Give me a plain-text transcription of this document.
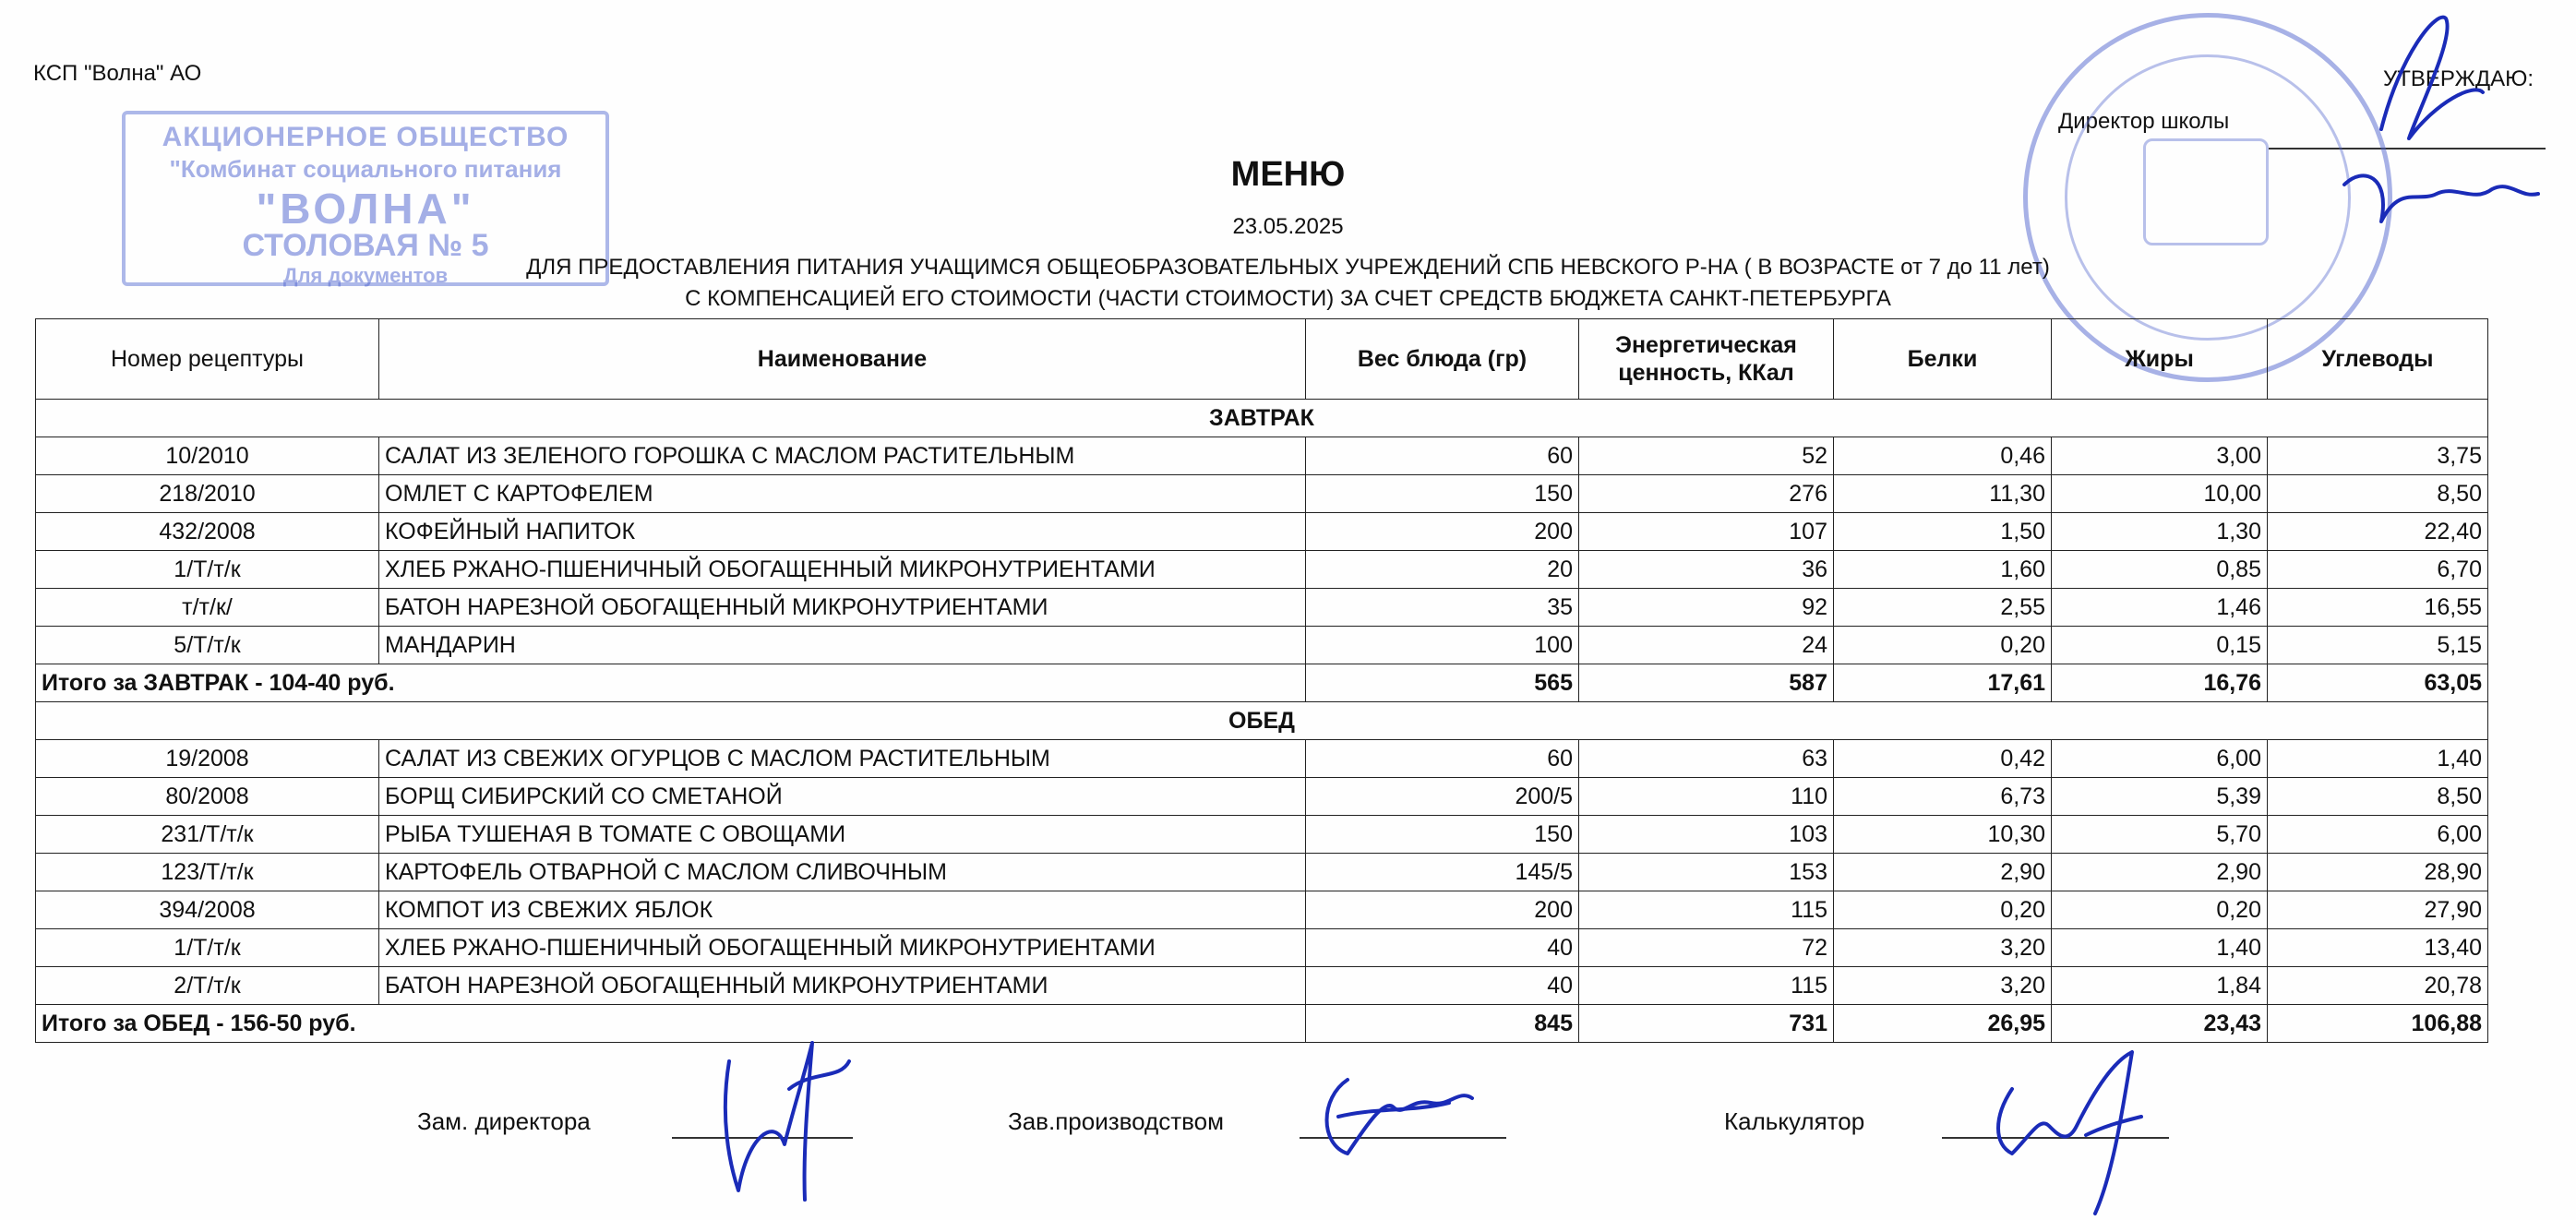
КСП "Волна" АО	УТВЕРЖДАЮ:
Директор школы
АКЦИОНЕРНОЕ ОБЩЕСТВО
"Комбинат социального питания
"ВОЛНА"
СТОЛОВАЯ № 5
Для документов
МЕНЮ
23.05.2025
ДЛЯ ПРЕДОСТАВЛЕНИЯ ПИТАНИЯ УЧАЩИМСЯ ОБЩЕОБРАЗОВАТЕЛЬНЫХ УЧРЕЖДЕНИЙ СПБ НЕВСКОГО Р-НА ( В ВОЗРАСТЕ от 7 до 11 лет)
С КОМПЕНСАЦИЕЙ ЕГО СТОИМОСТИ (ЧАСТИ СТОИМОСТИ) ЗА СЧЕТ СРЕДСТВ БЮДЖЕТА САНКТ-ПЕТЕРБУРГА
Номер рецептуры	Наименование	Вес блюда (гр)	Энергетическая ценность, ККал	Белки	Жиры	Углеводы
ЗАВТРАК						
10/2010	САЛАТ ИЗ ЗЕЛЕНОГО ГОРОШКА С МАСЛОМ РАСТИТЕЛЬНЫМ	60	52	0,46	3,00	3,75
218/2010	ОМЛЕТ С КАРТОФЕЛЕМ	150	276	11,30	10,00	8,50
432/2008	КОФЕЙНЫЙ НАПИТОК	200	107	1,50	1,30	22,40
1/Т/т/к	ХЛЕБ РЖАНО-ПШЕНИЧНЫЙ ОБОГАЩЕННЫЙ МИКРОНУТРИЕНТАМИ	20	36	1,60	0,85	6,70
т/т/к/	БАТОН НАРЕЗНОЙ ОБОГАЩЕННЫЙ МИКРОНУТРИЕНТАМИ	35	92	2,55	1,46	16,55
5/Т/т/к	МАНДАРИН	100	24	0,20	0,15	5,15
Итого за ЗАВТРАК - 104-40 руб.		565	587	17,61	16,76	63,05
ОБЕД						
19/2008	САЛАТ ИЗ СВЕЖИХ ОГУРЦОВ С МАСЛОМ РАСТИТЕЛЬНЫМ	60	63	0,42	6,00	1,40
80/2008	БОРЩ СИБИРСКИЙ СО СМЕТАНОЙ	200/5	110	6,73	5,39	8,50
231/Т/т/к	РЫБА ТУШЕНАЯ В ТОМАТЕ С ОВОЩАМИ	150	103	10,30	5,70	6,00
123/Т/т/к	КАРТОФЕЛЬ ОТВАРНОЙ С МАСЛОМ СЛИВОЧНЫМ	145/5	153	2,90	2,90	28,90
394/2008	КОМПОТ ИЗ СВЕЖИХ ЯБЛОК	200	115	0,20	0,20	27,90
1/Т/т/к	ХЛЕБ РЖАНО-ПШЕНИЧНЫЙ ОБОГАЩЕННЫЙ МИКРОНУТРИЕНТАМИ	40	72	3,20	1,40	13,40
2/Т/т/к	БАТОН НАРЕЗНОЙ ОБОГАЩЕННЫЙ МИКРОНУТРИЕНТАМИ	40	115	3,20	1,84	20,78
Итого за ОБЕД - 156-50 руб.		845	731	26,95	23,43	106,88
Зам. директора	Зав.производством	Калькулятор
